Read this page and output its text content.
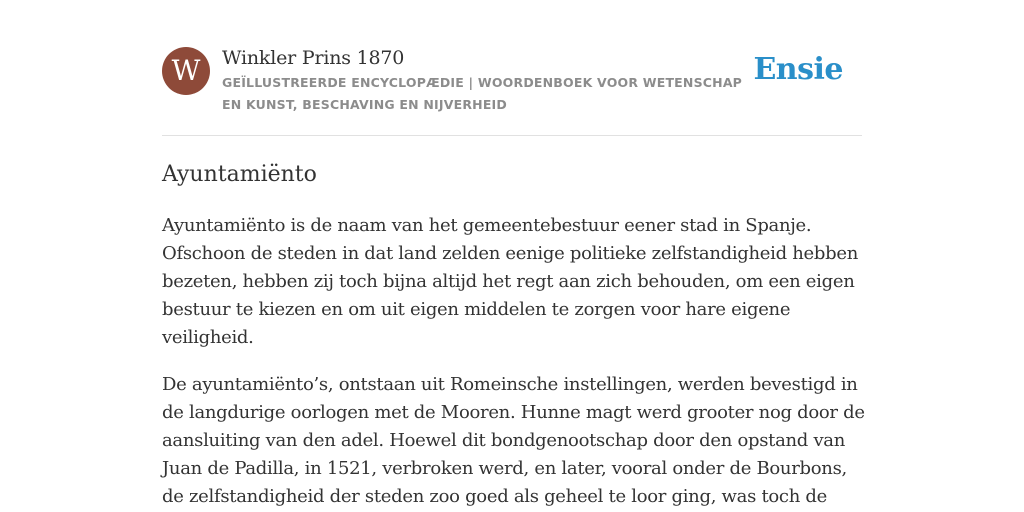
W	Winkler Prins 1870
GEÏLLUSTREERDE ENCYCLOPÆDIE | WOORDENBOEK VOOR WETENSCHAP EN KUNST, BESCHAVING EN NIJVERHEID
Ensie
Ayuntamiënto

Ayuntamiënto is de naam van het gemeentebestuur eener stad in Spanje. Ofschoon de steden in dat land zelden eenige politieke zelfstandigheid hebben bezeten, hebben zij toch bijna altijd het regt aan zich behouden, om een eigen bestuur te kiezen en om uit eigen middelen te zorgen voor hare eigene veiligheid.

De ayuntamiënto’s, ontstaan uit Romeinsche instellingen, werden bevestigd in de langdurige oorlogen met de Mooren. Hunne magt werd grooter nog door de aansluiting van den adel. Hoewel dit bondgenootschap door den opstand van Juan de Padilla, in 1521, verbroken werd, en later, vooral onder de Bourbons, de zelfstandigheid der steden zoo goed als geheel te loor ging, was toch de
